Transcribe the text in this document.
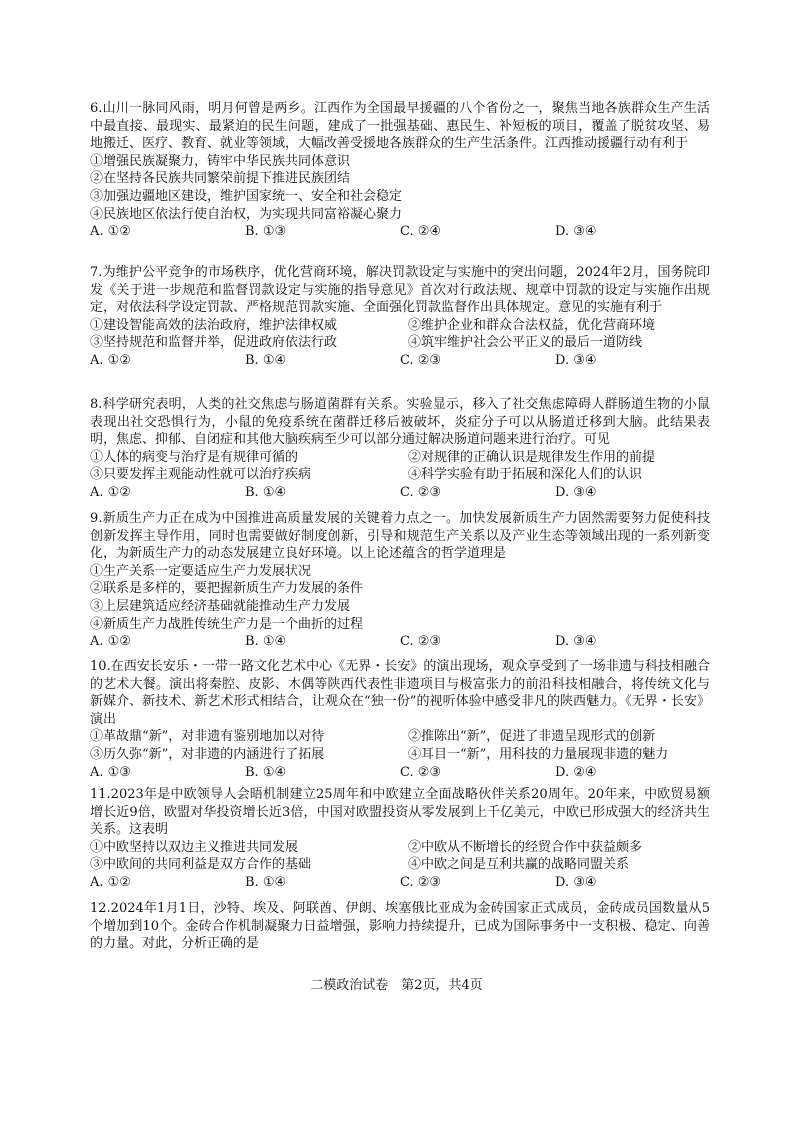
6.山川一脉同风雨，明月何曾是两乡。江西作为全国最早援疆的八个省份之一，聚焦当地各族群众生产生活中最直接、最现实、最紧迫的民生问题，建成了一批强基础、惠民生、补短板的项目，覆盖了脱贫攻坚、易地搬迁、医疗、教育、就业等领域，大幅改善受援地各族群众的生产生活条件。江西推动援疆行动有利于

①增强民族凝聚力，铸牢中华民族共同体意识

②在坚持各民族共同繁荣前提下推进民族团结

③加强边疆地区建设，维护国家统一、安全和社会稳定

④民族地区依法行使自治权，为实现共同富裕凝心聚力

A. ①②	B. ①③	C. ②④	D. ③④

7.为维护公平竞争的市场秩序，优化营商环境，解决罚款设定与实施中的突出问题，2024年2月，国务院印发《关于进一步规范和监督罚款设定与实施的指导意见》首次对行政法规、规章中罚款的设定与实施作出规定，对依法科学设定罚款、严格规范罚款实施、全面强化罚款监督作出具体规定。意见的实施有利于

①建设智能高效的法治政府，维护法律权威	②维护企业和群众合法权益，优化营商环境
③坚持规范和监督并举，促进政府依法行政	④筑牢维护社会公平正义的最后一道防线
A. ①②	B. ①④	C. ②③	D. ③④

8.科学研究表明，人类的社交焦虑与肠道菌群有关系。实验显示，移入了社交焦虑障碍人群肠道生物的小鼠表现出社交恐惧行为，小鼠的免疫系统在菌群迁移后被破坏，炎症分子可以从肠道迁移到大脑。此结果表明，焦虑、抑郁、自闭症和其他大脑疾病至少可以部分通过解决肠道问题来进行治疗。可见

①人体的病变与治疗是有规律可循的	②对规律的正确认识是规律发生作用的前提
③只要发挥主观能动性就可以治疗疾病	④科学实验有助于拓展和深化人们的认识
A. ①②	B. ①④	C. ②③	D. ③④

9.新质生产力正在成为中国推进高质量发展的关键着力点之一。加快发展新质生产力固然需要努力促使科技创新发挥主导作用，同时也需要做好制度创新，引导和规范生产关系以及产业生态等领域出现的一系列新变化，为新质生产力的动态发展建立良好环境。以上论述蕴含的哲学道理是

①生产关系一定要适应生产力发展状况

②联系是多样的，要把握新质生产力发展的条件

③上层建筑适应经济基础就能推动生产力发展

④新质生产力战胜传统生产力是一个曲折的过程

A. ①②	B. ①④	C. ②③	D. ③④

10.在西安长安乐・一带一路文化艺术中心《无界・长安》的演出现场，观众享受到了一场非遗与科技相融合的艺术大餐。演出将秦腔、皮影、木偶等陕西代表性非遗项目与极富张力的前沿科技相融合，将传统文化与新媒介、新技术、新艺术形式相结合，让观众在“独一份”的视听体验中感受非凡的陕西魅力。《无界・长安》演出

①革故鼎“新”，对非遗有鉴别地加以对待	②推陈出“新”，促进了非遗呈现形式的创新
③历久弥“新”，对非遗的内涵进行了拓展	④耳目一“新”，用科技的力量展现非遗的魅力
A. ①③	B. ①④	C. ②③	D. ②④

11.2023年是中欧领导人会晤机制建立25周年和中欧建立全面战略伙伴关系20周年。20年来，中欧贸易额增长近9倍，欧盟对华投资增长近3倍，中国对欧盟投资从零发展到上千亿美元，中欧已形成强大的经济共生关系。这表明

①中欧坚持以双边主义推进共同发展	②中欧从不断增长的经贸合作中获益颇多
③中欧间的共同利益是双方合作的基础	④中欧之间是互利共赢的战略同盟关系
A. ①②	B. ①④	C. ②③	D. ③④

12.2024年1月1日，沙特、埃及、阿联酋、伊朗、埃塞俄比亚成为金砖国家正式成员，金砖成员国数量从5个增加到10个。金砖合作机制凝聚力日益增强，影响力持续提升，已成为国际事务中一支积极、稳定、向善的力量。对此，分析正确的是

二模政治试卷　第2页，共4页
